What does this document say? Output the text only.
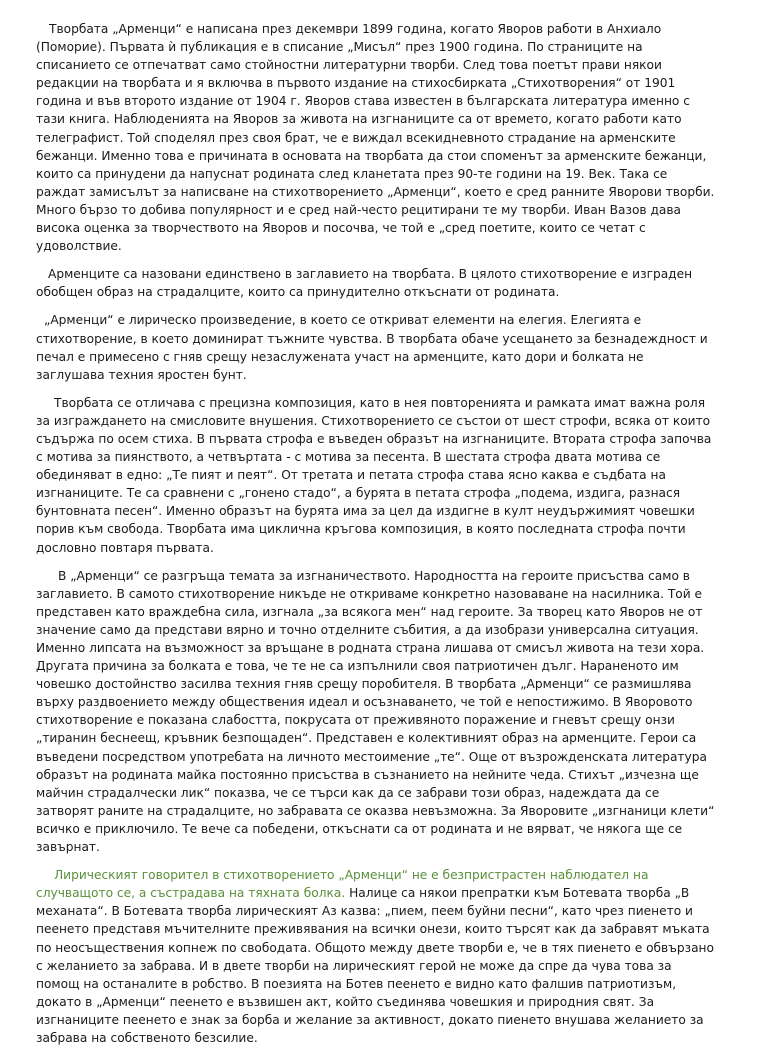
Творбата „Арменци“ е написана през декември 1899 година, когато Яворов работи в Анхиало (Поморие). Първата ѝ публикация е в списание „Мисъл“ през 1900 година. По страниците на списанието се отпечатват само стойностни литературни творби. След това поетът прави някои редакции на творбата и я включва в първото издание на стихосбирката „Стихотворения“ от 1901 година и във второто издание от 1904 г. Яворов става известен в българската литература именно с тази книга. Наблюденията на Яворов за живота на изгнаниците са от времето, когато работи като телеграфист. Той споделял през своя брат, че е виждал всекидневното страдание на арменските бежанци. Именно това е причината в основата на творбата да стои споменът за арменските бежанци, които са принудени да напуснат родината след кланетата през 90-те години на 19. Век. Така се раждат замисълът за написване на стихотворението „Арменци“, което е сред ранните Яворови творби. Много бързо то добива популярност и е сред най-често рецитирани те му творби. Иван Вазов дава висока оценка за творчеството на Яворов и посочва, че той е „сред поетите, които се четат с удоволствие.

Арменците са назовани единствено в заглавието на творбата. В цялото стихотворение е изграден обобщен образ на страдалците, които са принудително откъснати от родината.

„Арменци“ е лирическо произведение, в което се откриват елементи на елегия. Елегията е стихотворение, в което доминират тъжните чувства. В творбата обаче усещането за безнадеждност и печал е примесено с гняв срещу незаслужената участ на арменците, като дори и болката не заглушава техния яростен бунт.

Творбата се отличава с прецизна композиция, като в нея повторенията и рамката имат важна роля за изграждането на смисловите внушения. Стихотворението се състои от шест строфи, всяка от които съдържа по осем стиха. В първата строфа е въведен образът на изгнаниците. Втората строфа започва с мотива за пиянството, а четвъртата - с мотива за песента. В шестата строфа двата мотива се обединяват в едно: „Те пият и пеят“. От третата и петата строфа става ясно каква е съдбата на изгнаниците. Те са сравнени с „гонено стадо“, а бурята в петата строфа „подема, издига, разнася бунтовната песен“. Именно образът на бурята има за цел да издигне в култ неудържимият човешки порив към свобода. Творбата има циклична кръгова композиция, в която последната строфа почти дословно повтаря първата.

В „Арменци“ се разгръща темата за изгнаничеството. Народността на героите присъства само в заглавието. В самото стихотворение никъде не откриваме конкретно назоваване на насилника. Той е представен като враждебна сила, изгнала „за всякога мен“ над героите. За творец като Яворов не от значение само да представи вярно и точно отделните събития, а да изобрази универсална ситуация. Именно липсата на възможност за връщане в родната страна лишава от смисъл живота на тези хора. Другата причина за болката е това, че те не са изпълнили своя патриотичен дълг. Нараненото им човешко достойнство засилва техния гняв срещу поробителя. В творбата „Арменци“ се размишлява върху раздвоението между обществения идеал и осъзнаването, че той е непостижимо. В Яворовото стихотворение е показана слабостта, покрусата от преживяното поражение и гневът срещу онзи „тиранин беснеещ, кръвник безпощаден“. Представен е колективният образ на арменците. Герои са въведени посредством употребата на личното местоимение „те“. Още от възрожденската литература образът на родината майка постоянно присъства в съзнанието на нейните чеда. Стихът „изчезна ще майчин страдалчески лик“ показва, че се търси как да се забрави този образ, надеждата да се затворят раните на страдалците, но забравата се оказва невъзможна. За Яворовите „изгнаници клети“ всичко е приключило. Те вече са победени, откъснати са от родината и не вярват, че някога ще се завърнат.

Лирическият говорител в стихотворението „Арменци“ не е безпристрастен наблюдател на случващото се, а състрадава на тяхната болка. Налице са някои препратки към Ботевата творба „В механата“. В Ботевата творба лирическият Аз казва: „пием, пеем буйни песни“, като чрез пиенето и пеенето представя мъчителните преживявания на всички онези, които търсят как да забравят мъката по неосъществения копнеж по свободата. Общото между двете творби е, че в тях пиенето е обвързано с желанието за забрава. И в двете творби на лирическият герой не може да спре да чува това за помощ на останалите в робство. В поезията на Ботев пеенето е видно като фалшив патриотизъм, докато в „Арменци“ пеенето е възвишен акт, който съединява човешкия и природния свят. За изгнаниците пеенето е знак за борба и желание за активност, докато пиенето внушава желанието за забрава на собственото безсилие.
